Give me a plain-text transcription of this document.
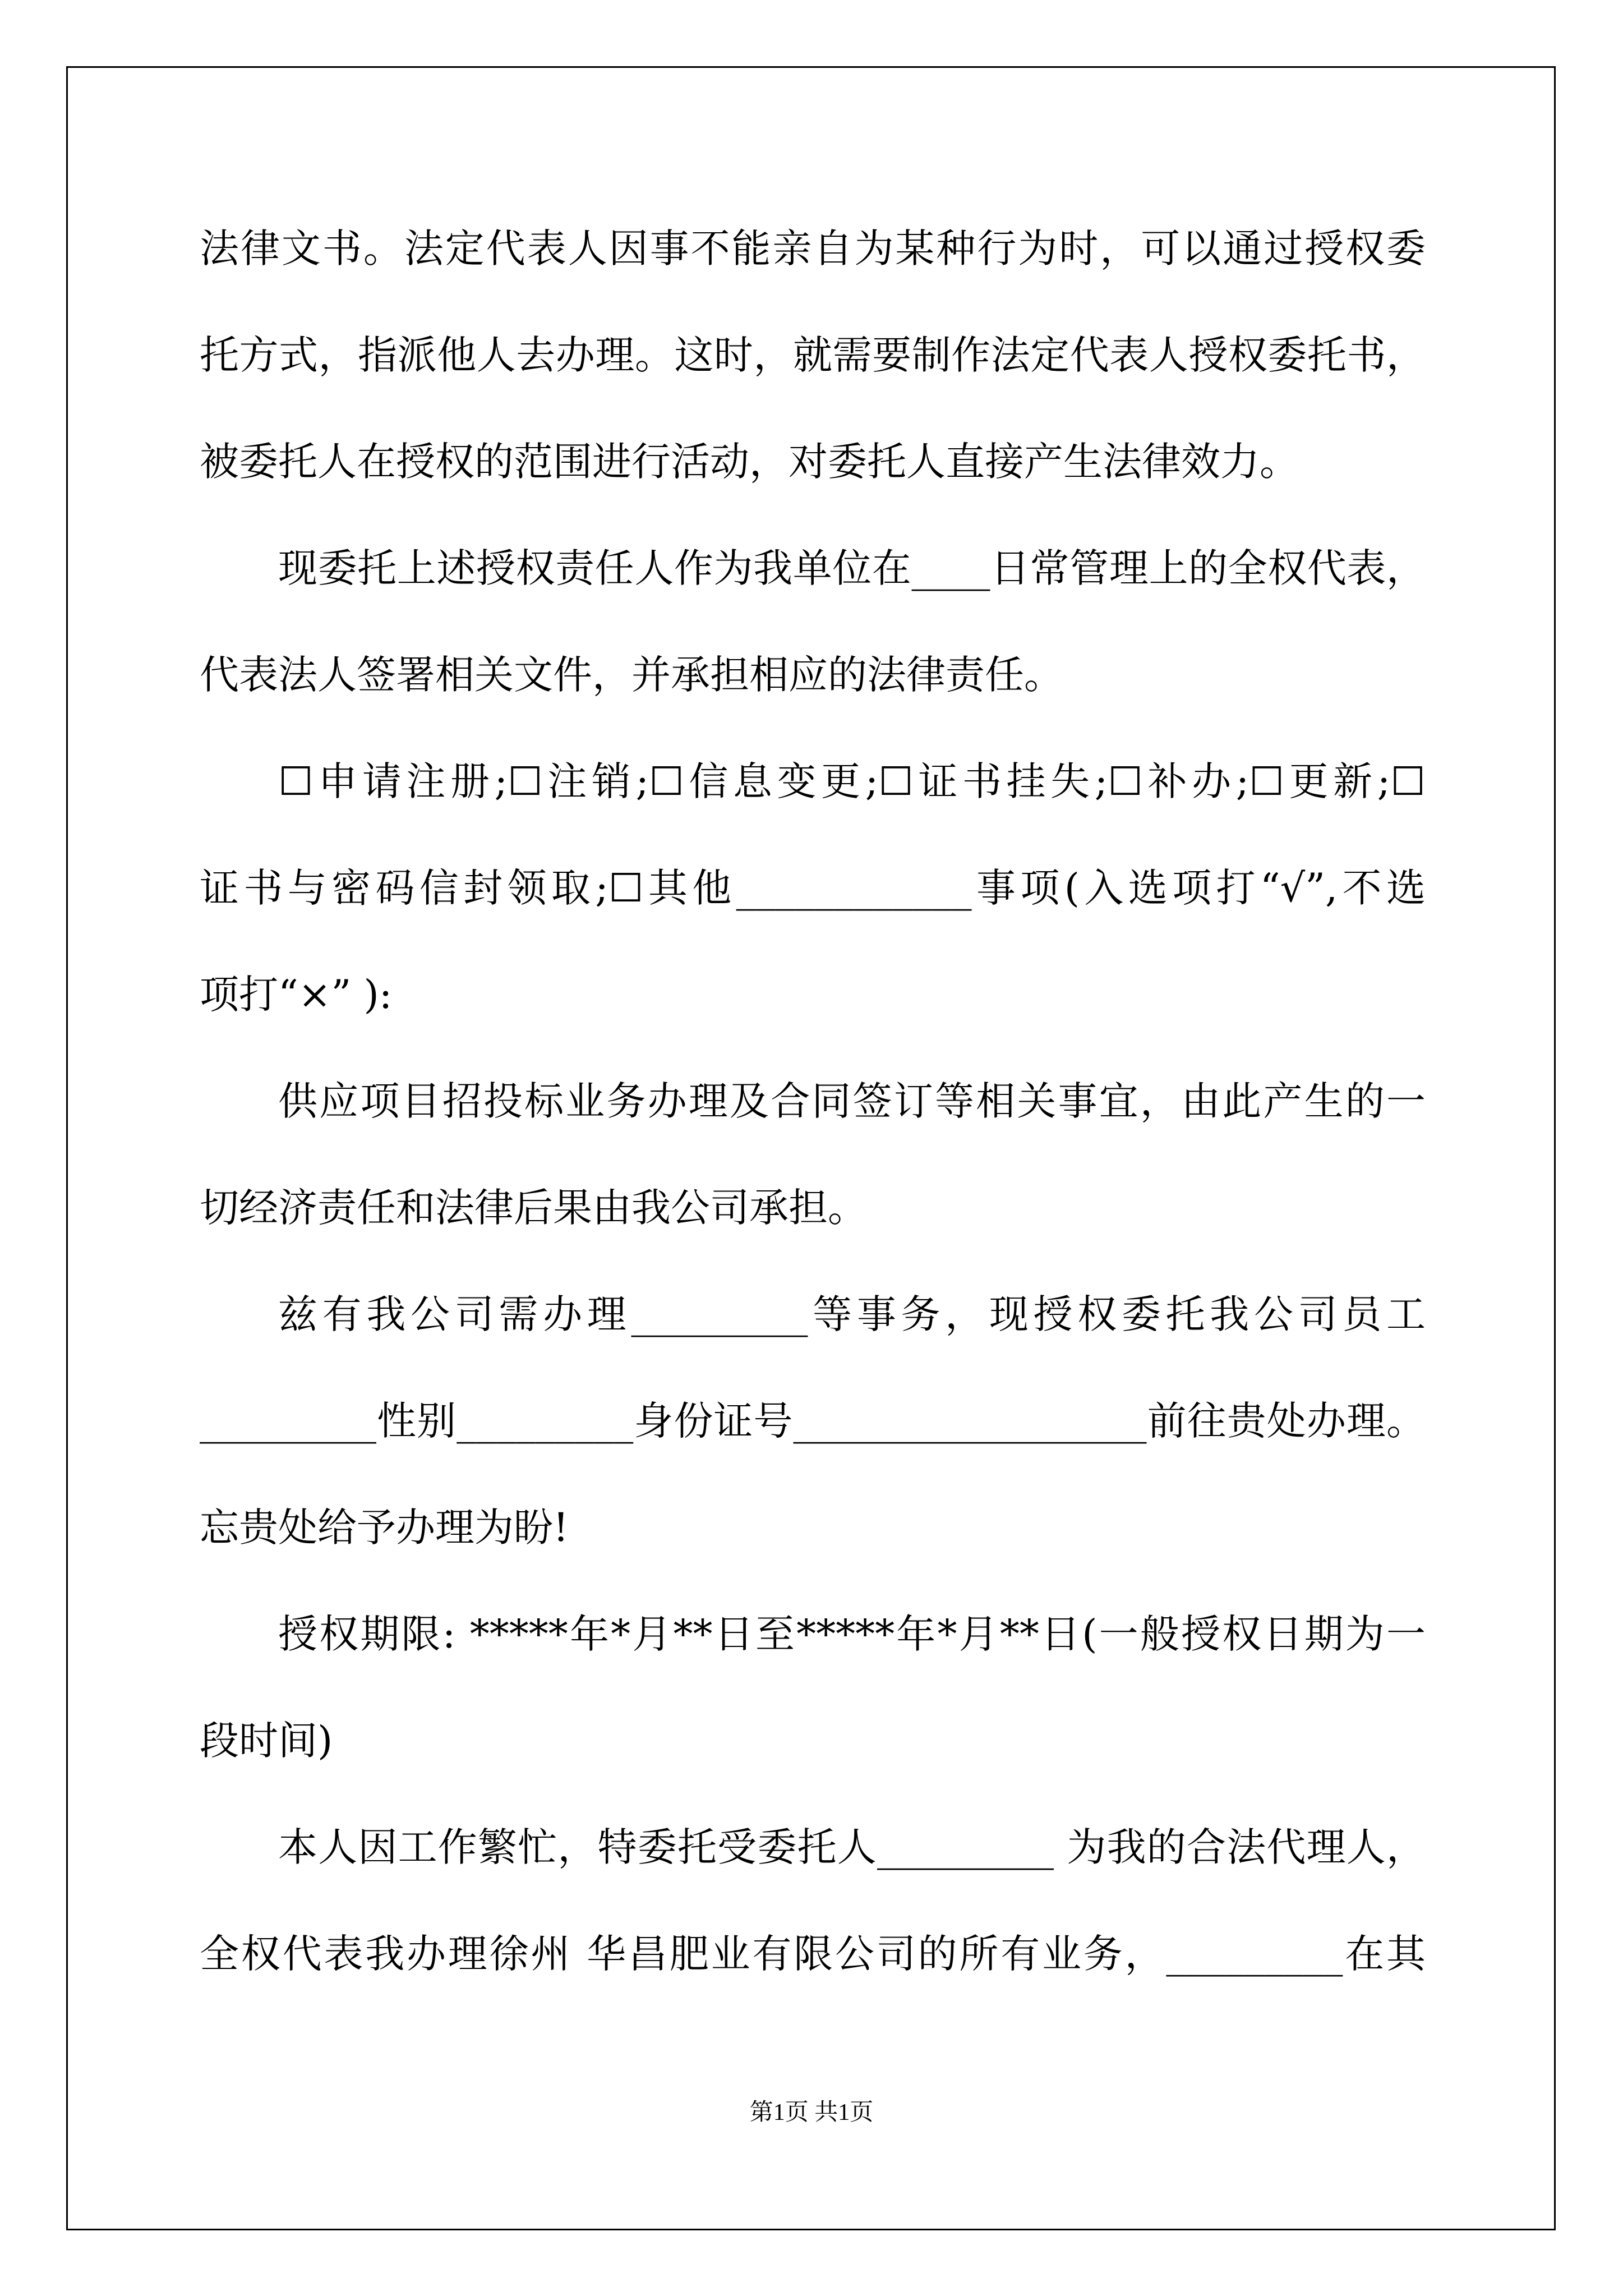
法律文书。法定代表人因事不能亲自为某种行为时，可以通过授权委
托方式，指派他人去办理。这时，就需要制作法定代表人授权委托书，
被委托人在授权的范围进行活动，对委托人直接产生法律效力。
现委托上述授权责任人作为我单位在____日常管理上的全权代表，
代表法人签署相关文件，并承担相应的法律责任。
☐申请注册;☐注销;☐信息变更;☐证书挂失;☐补办;☐更新;☐
证书与密码信封领取;☐其他____________事项(入选项打“√”,不选
项打“×” ):
供应项目招投标业务办理及合同签订等相关事宜，由此产生的一
切经济责任和法律后果由我公司承担。
兹有我公司需办理_________等事务，现授权委托我公司员工
_________性别_________身份证号__________________前往贵处办理。
忘贵处给予办理为盼!
授权期限: *****年*月**日至*****年*月**日(一般授权日期为一
段时间)
本人因工作繁忙，特委托受委托人_________ 为我的合法代理人，
全权代表我办理徐州 华昌肥业有限公司的所有业务，_________在其
第1页 共1页
